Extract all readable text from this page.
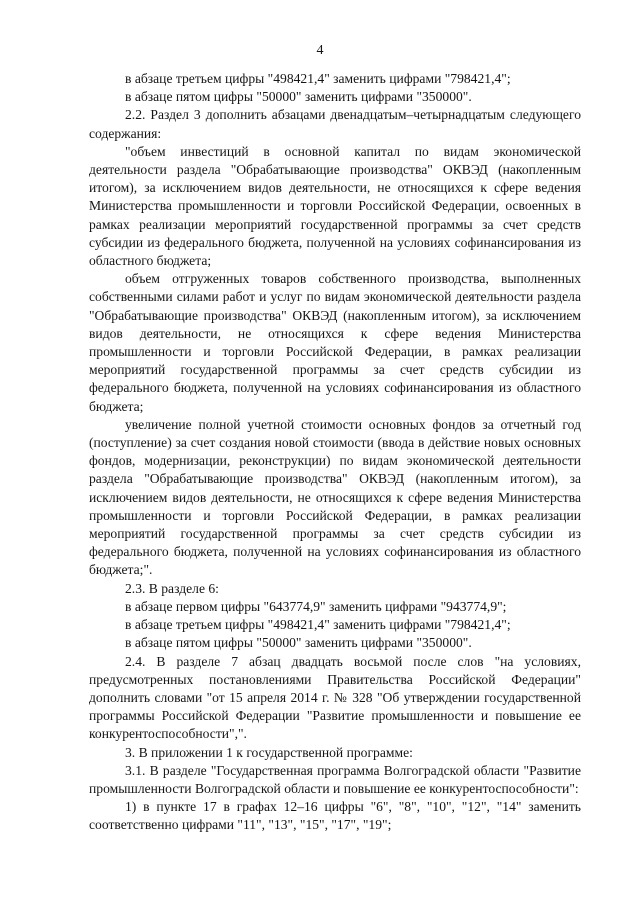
4

в абзаце третьем цифры "498421,4" заменить цифрами "798421,4";

в абзаце пятом цифры "50000" заменить цифрами "350000".

2.2. Раздел 3 дополнить абзацами двенадцатым–четырнадцатым следующего содержания:

"объем инвестиций в основной капитал по видам экономической деятельности раздела "Обрабатывающие производства" ОКВЭД (накопленным итогом), за исключением видов деятельности, не относящихся к сфере ведения Министерства промышленности и торговли Российской Федерации, освоенных в рамках реализации мероприятий государственной программы за счет средств субсидии из федерального бюджета, полученной на условиях софинансирования из областного бюджета;

объем отгруженных товаров собственного производства, выполненных собственными силами работ и услуг по видам экономической деятельности раздела "Обрабатывающие производства" ОКВЭД (накопленным итогом), за исключением видов деятельности, не относящихся к сфере ведения Министерства промышленности и торговли Российской Федерации, в рамках реализации мероприятий государственной программы за счет средств субсидии из федерального бюджета, полученной на условиях софинансирования из областного бюджета;

увеличение полной учетной стоимости основных фондов за отчетный год (поступление) за счет создания новой стоимости (ввода в действие новых основных фондов, модернизации, реконструкции) по видам экономической деятельности раздела "Обрабатывающие производства" ОКВЭД (накопленным итогом), за исключением видов деятельности, не относящихся к сфере ведения Министерства промышленности и торговли Российской Федерации, в рамках реализации мероприятий государственной программы за счет средств субсидии из федерального бюджета, полученной на условиях софинансирования из областного бюджета;".

2.3. В разделе 6:

в абзаце первом цифры "643774,9" заменить цифрами "943774,9";

в абзаце третьем цифры "498421,4" заменить цифрами "798421,4";

в абзаце пятом цифры "50000" заменить цифрами "350000".

2.4. В разделе 7 абзац двадцать восьмой после слов "на условиях, предусмотренных постановлениями Правительства Российской Федерации" дополнить словами "от 15 апреля 2014 г. № 328 "Об утверждении государственной программы Российской Федерации "Развитие промышленности и повышение ее конкурентоспособности",".

3. В приложении 1 к государственной программе:

3.1. В разделе "Государственная программа Волгоградской области "Развитие промышленности Волгоградской области и повышение ее конкурентоспособности":

1) в пункте 17 в графах 12–16 цифры "6", "8", "10", "12", "14" заменить соответственно цифрами "11", "13", "15", "17", "19";
